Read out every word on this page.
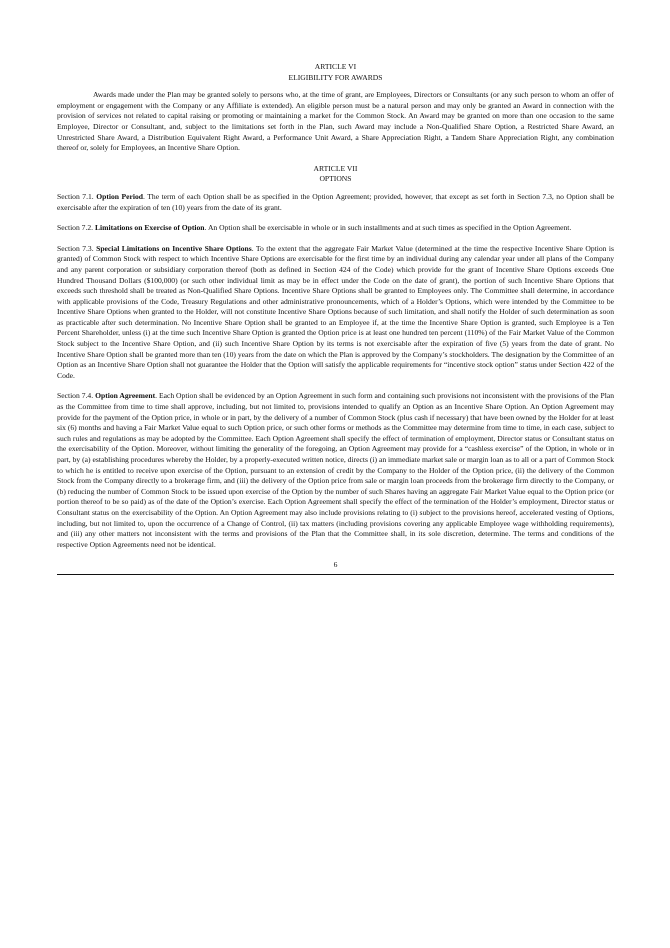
ARTICLE VI

ELIGIBILITY FOR AWARDS

Awards made under the Plan may be granted solely to persons who, at the time of grant, are Employees, Directors or Consultants (or any such person to whom an offer of employment or engagement with the Company or any Affiliate is extended). An eligible person must be a natural person and may only be granted an Award in connection with the provision of services not related to capital raising or promoting or maintaining a market for the Common Stock. An Award may be granted on more than one occasion to the same Employee, Director or Consultant, and, subject to the limitations set forth in the Plan, such Award may include a Non-Qualified Share Option, a Restricted Share Award, an Unrestricted Share Award, a Distribution Equivalent Right Award, a Performance Unit Award, a Share Appreciation Right, a Tandem Share Appreciation Right, any combination thereof or, solely for Employees, an Incentive Share Option.

ARTICLE VII

OPTIONS

Section 7.1. Option Period. The term of each Option shall be as specified in the Option Agreement; provided, however, that except as set forth in Section 7.3, no Option shall be exercisable after the expiration of ten (10) years from the date of its grant.

Section 7.2. Limitations on Exercise of Option. An Option shall be exercisable in whole or in such installments and at such times as specified in the Option Agreement.

Section 7.3. Special Limitations on Incentive Share Options. To the extent that the aggregate Fair Market Value (determined at the time the respective Incentive Share Option is granted) of Common Stock with respect to which Incentive Share Options are exercisable for the first time by an individual during any calendar year under all plans of the Company and any parent corporation or subsidiary corporation thereof (both as defined in Section 424 of the Code) which provide for the grant of Incentive Share Options exceeds One Hundred Thousand Dollars ($100,000) (or such other individual limit as may be in effect under the Code on the date of grant), the portion of such Incentive Share Options that exceeds such threshold shall be treated as Non-Qualified Share Options. Incentive Share Options shall be granted to Employees only. The Committee shall determine, in accordance with applicable provisions of the Code, Treasury Regulations and other administrative pronouncements, which of a Holder’s Options, which were intended by the Committee to be Incentive Share Options when granted to the Holder, will not constitute Incentive Share Options because of such limitation, and shall notify the Holder of such determination as soon as practicable after such determination. No Incentive Share Option shall be granted to an Employee if, at the time the Incentive Share Option is granted, such Employee is a Ten Percent Shareholder, unless (i) at the time such Incentive Share Option is granted the Option price is at least one hundred ten percent (110%) of the Fair Market Value of the Common Stock subject to the Incentive Share Option, and (ii) such Incentive Share Option by its terms is not exercisable after the expiration of five (5) years from the date of grant. No Incentive Share Option shall be granted more than ten (10) years from the date on which the Plan is approved by the Company’s stockholders. The designation by the Committee of an Option as an Incentive Share Option shall not guarantee the Holder that the Option will satisfy the applicable requirements for “incentive stock option” status under Section 422 of the Code.

Section 7.4. Option Agreement. Each Option shall be evidenced by an Option Agreement in such form and containing such provisions not inconsistent with the provisions of the Plan as the Committee from time to time shall approve, including, but not limited to, provisions intended to qualify an Option as an Incentive Share Option. An Option Agreement may provide for the payment of the Option price, in whole or in part, by the delivery of a number of Common Stock (plus cash if necessary) that have been owned by the Holder for at least six (6) months and having a Fair Market Value equal to such Option price, or such other forms or methods as the Committee may determine from time to time, in each case, subject to such rules and regulations as may be adopted by the Committee. Each Option Agreement shall specify the effect of termination of employment, Director status or Consultant status on the exercisability of the Option. Moreover, without limiting the generality of the foregoing, an Option Agreement may provide for a “cashless exercise” of the Option, in whole or in part, by (a) establishing procedures whereby the Holder, by a properly-executed written notice, directs (i) an immediate market sale or margin loan as to all or a part of Common Stock to which he is entitled to receive upon exercise of the Option, pursuant to an extension of credit by the Company to the Holder of the Option price, (ii) the delivery of the Common Stock from the Company directly to a brokerage firm, and (iii) the delivery of the Option price from sale or margin loan proceeds from the brokerage firm directly to the Company, or (b) reducing the number of Common Stock to be issued upon exercise of the Option by the number of such Shares having an aggregate Fair Market Value equal to the Option price (or portion thereof to be so paid) as of the date of the Option’s exercise. Each Option Agreement shall specify the effect of the termination of the Holder’s employment, Director status or Consultant status on the exercisability of the Option. An Option Agreement may also include provisions relating to (i) subject to the provisions hereof, accelerated vesting of Options, including, but not limited to, upon the occurrence of a Change of Control, (ii) tax matters (including provisions covering any applicable Employee wage withholding requirements), and (iii) any other matters not inconsistent with the terms and provisions of the Plan that the Committee shall, in its sole discretion, determine. The terms and conditions of the respective Option Agreements need not be identical.

6
